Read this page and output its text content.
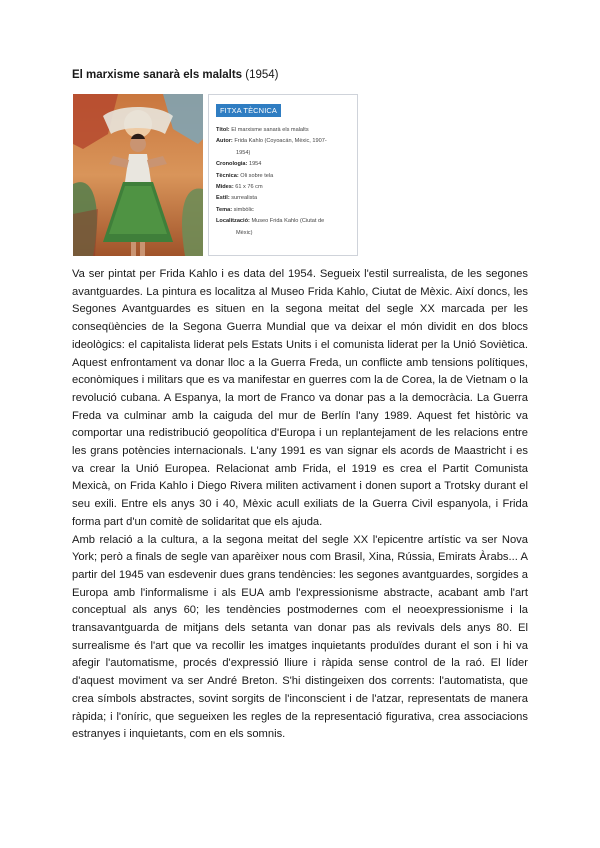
El marxisme sanarà els malalts (1954)
FITXA TÈCNICA
Títol: El marxisme sanarà els malalts
Autor: Frida Kahlo (Coyoacán, Mèxic, 1907-
1954)
Cronologia: 1954
Tècnica: Oli sobre tela
Mides: 61 x 76 cm
Estil: surrealista
Tema: simbòlic
Localització: Museo Frida Kahlo (Ciutat de
Mèxic)

Va ser pintat per Frida Kahlo i es data del 1954. Segueix l'estil surrealista, de les segones avantguardes. La pintura es localitza al Museo Frida Kahlo, Ciutat de Mèxic. Així doncs, les Segones Avantguardes es situen en la segona meitat del segle XX marcada per les conseqüències de la Segona Guerra Mundial que va deixar el món dividit en dos blocs ideològics: el capitalista liderat pels Estats Units i el comunista liderat per la Unió Soviètica. Aquest enfrontament va donar lloc a la Guerra Freda, un conflicte amb tensions polítiques, econòmiques i militars que es va manifestar en guerres com la de Corea, la de Vietnam o la revolució cubana. A Espanya, la mort de Franco va donar pas a la democràcia. La Guerra Freda va culminar amb la caiguda del mur de Berlín l'any 1989. Aquest fet històric va comportar una redistribució geopolítica d'Europa i un replantejament de les relacions entre les grans potències internacionals. L'any 1991 es van signar els acords de Maastricht i es va crear la Unió Europea. Relacionat amb Frida, el 1919 es crea el Partit Comunista Mexicà, on Frida Kahlo i Diego Rivera militen activament i donen suport a Trotsky durant el seu exili. Entre els anys 30 i 40, Mèxic acull exiliats de la Guerra Civil espanyola, i Frida forma part d'un comitè de solidaritat que els ajuda.

Amb relació a la cultura, a la segona meitat del segle XX l'epicentre artístic va ser Nova York; però a finals de segle van aparèixer nous com Brasil, Xina, Rússia, Emirats Àrabs... A partir del 1945 van esdevenir dues grans tendències: les segones avantguardes, sorgides a Europa amb l'informalisme i als EUA amb l'expressionisme abstracte, acabant amb l'art conceptual als anys 60; les tendències postmodernes com el neoexpressionisme i la transavantguarda de mitjans dels setanta van donar pas als revivals dels anys 80. El surrealisme és l'art que va recollir les imatges inquietants produïdes durant el son i hi va afegir l'automatisme, procés d'expressió lliure i ràpida sense control de la raó. El líder d'aquest moviment va ser André Breton. S'hi distingeixen dos corrents: l'automatista, que crea símbols abstractes, sovint sorgits de l'inconscient i de l'atzar, representats de manera ràpida; i l'oníric, que segueixen les regles de la representació figurativa, crea associacions estranyes i inquietants, com en els somnis.
